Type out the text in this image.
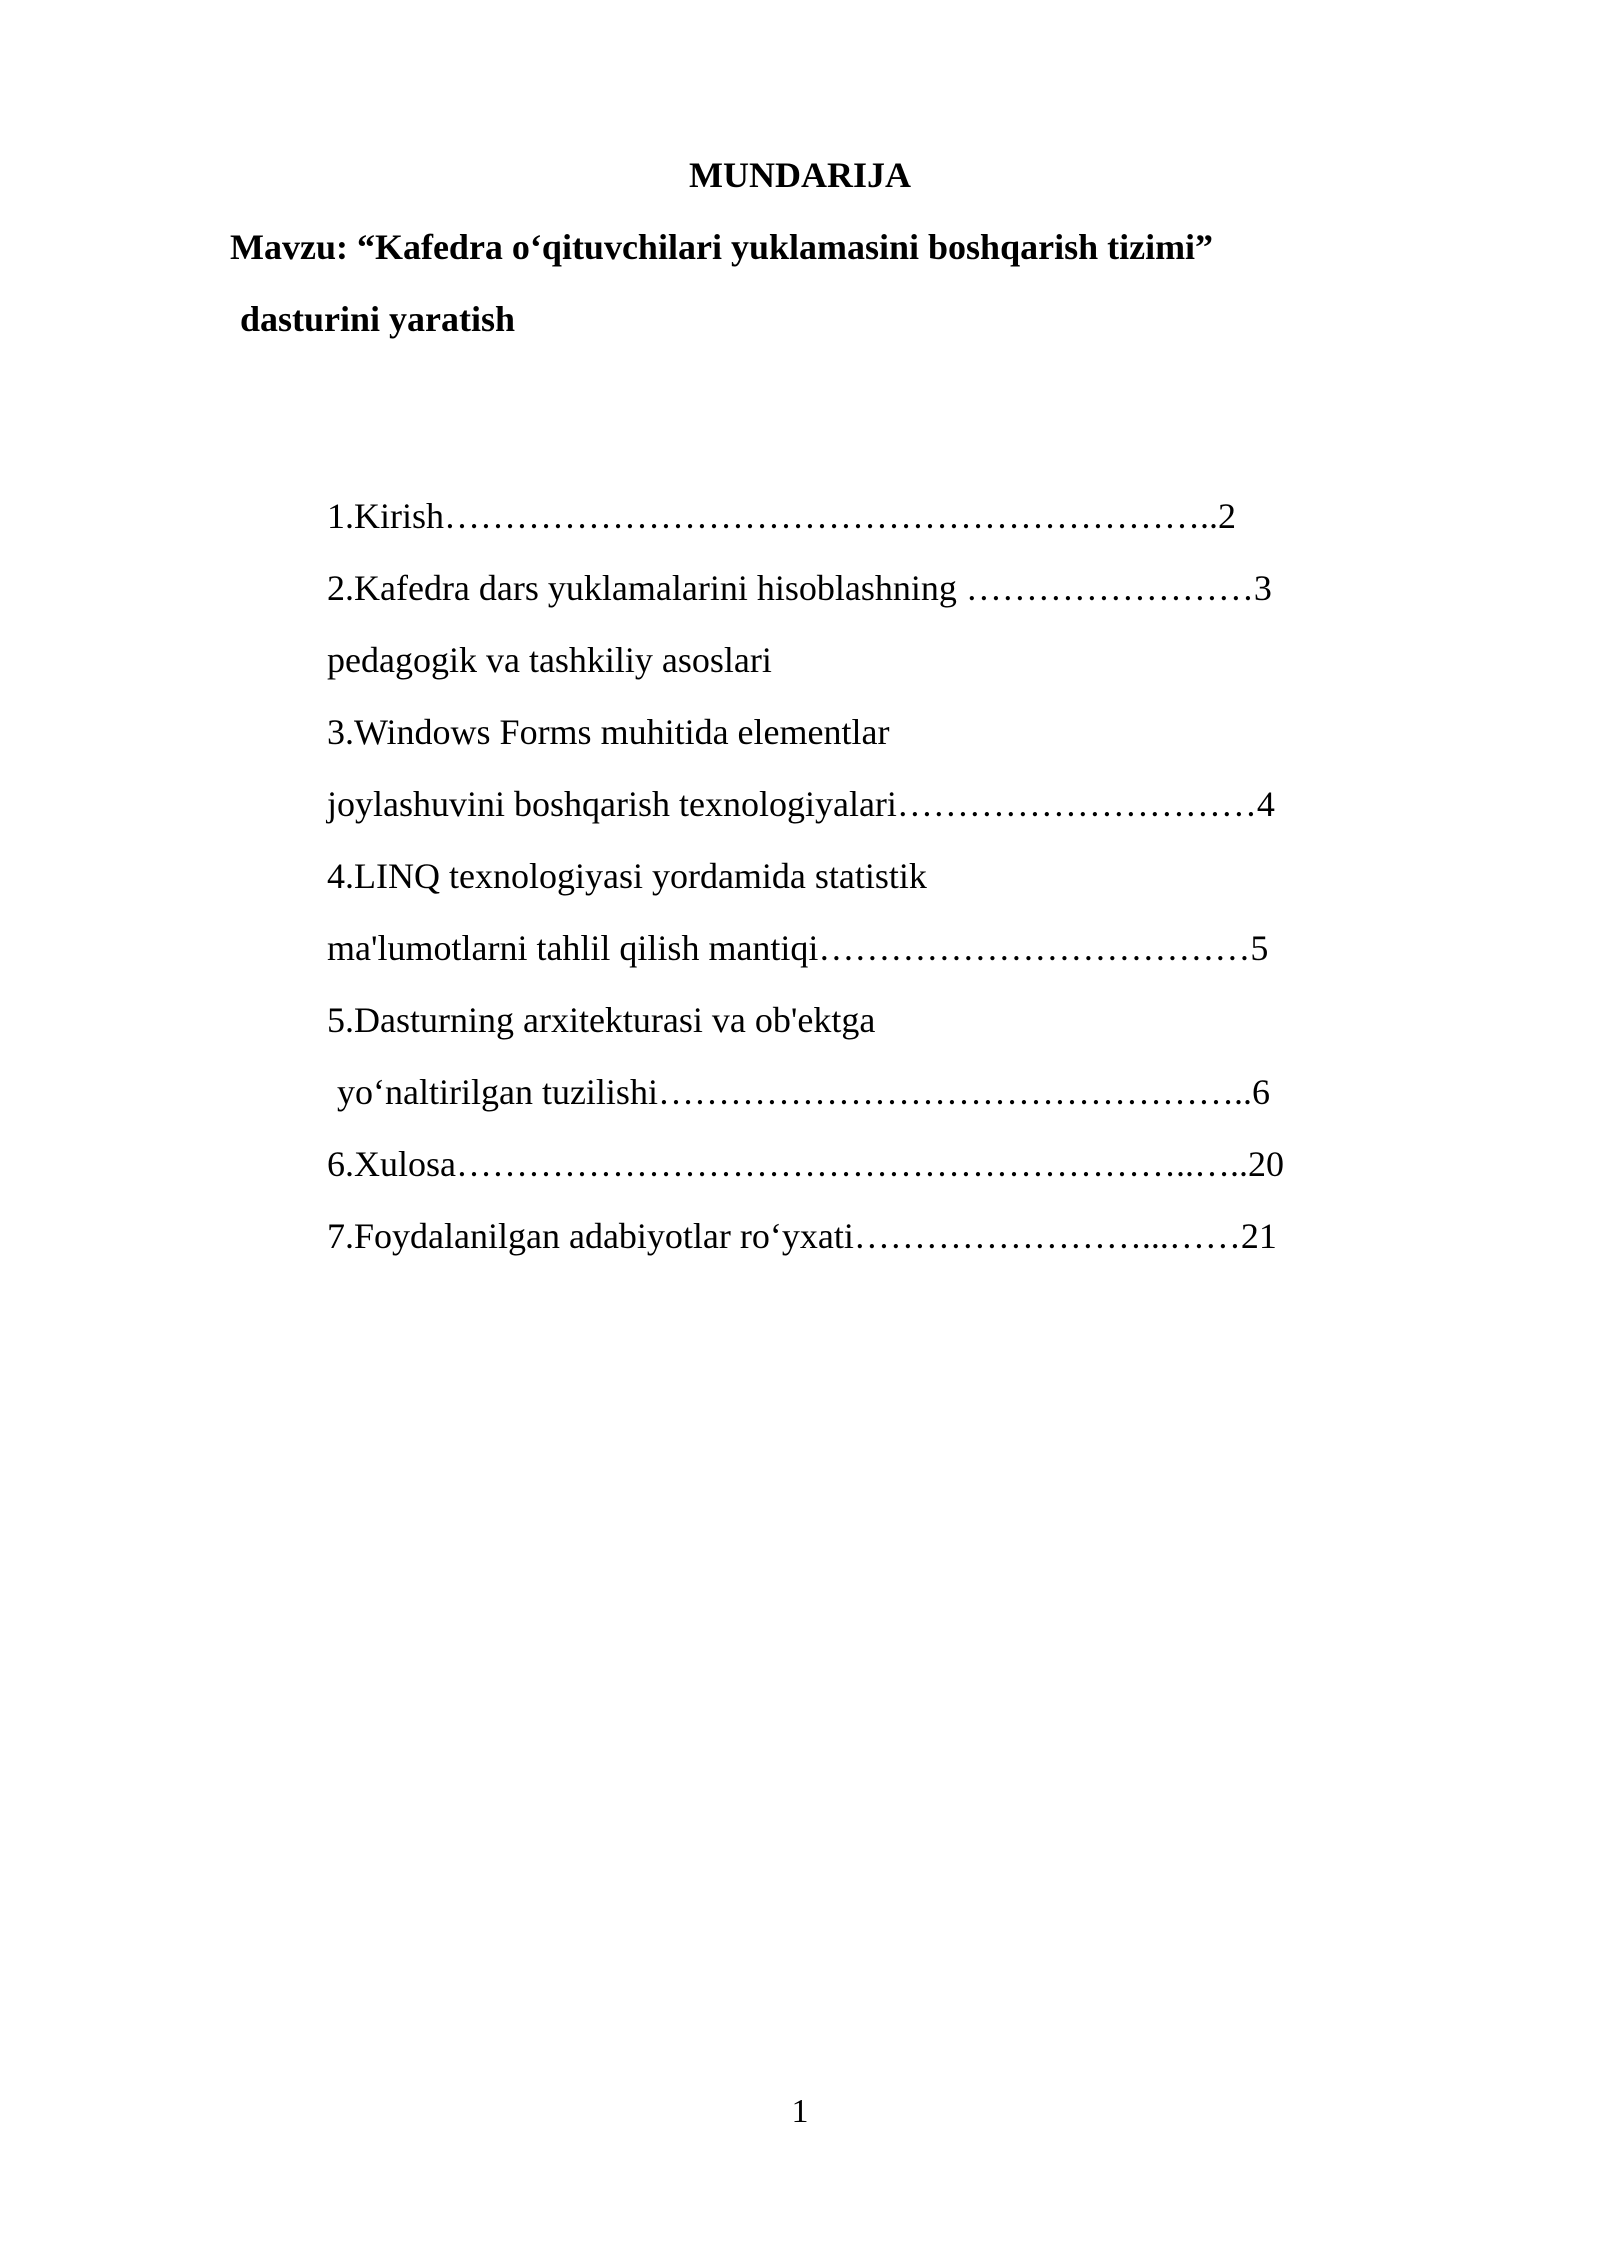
MUNDARIJA
Mavzu: “Kafedra o‘qituvchilari yuklamasini boshqarish tizimi”
dasturini yaratish
1.Kirish………………………………………………………..2
2.Kafedra dars yuklamalarini hisoblashning ……………………3
pedagogik va tashkiliy asoslari
3.Windows Forms muhitida elementlar
joylashuvini boshqarish texnologiyalari…………………………4
4.LINQ texnologiyasi yordamida statistik
ma'lumotlarni tahlil qilish mantiqi………………………………5
5.Dasturning arxitekturasi va ob'ektga
yo‘naltirilgan tuzilishi…………………………………………..6
6.Xulosa……………………………………………………..…..20
7.Foydalanilgan adabiyotlar ro‘yxati……………………...……21
1
